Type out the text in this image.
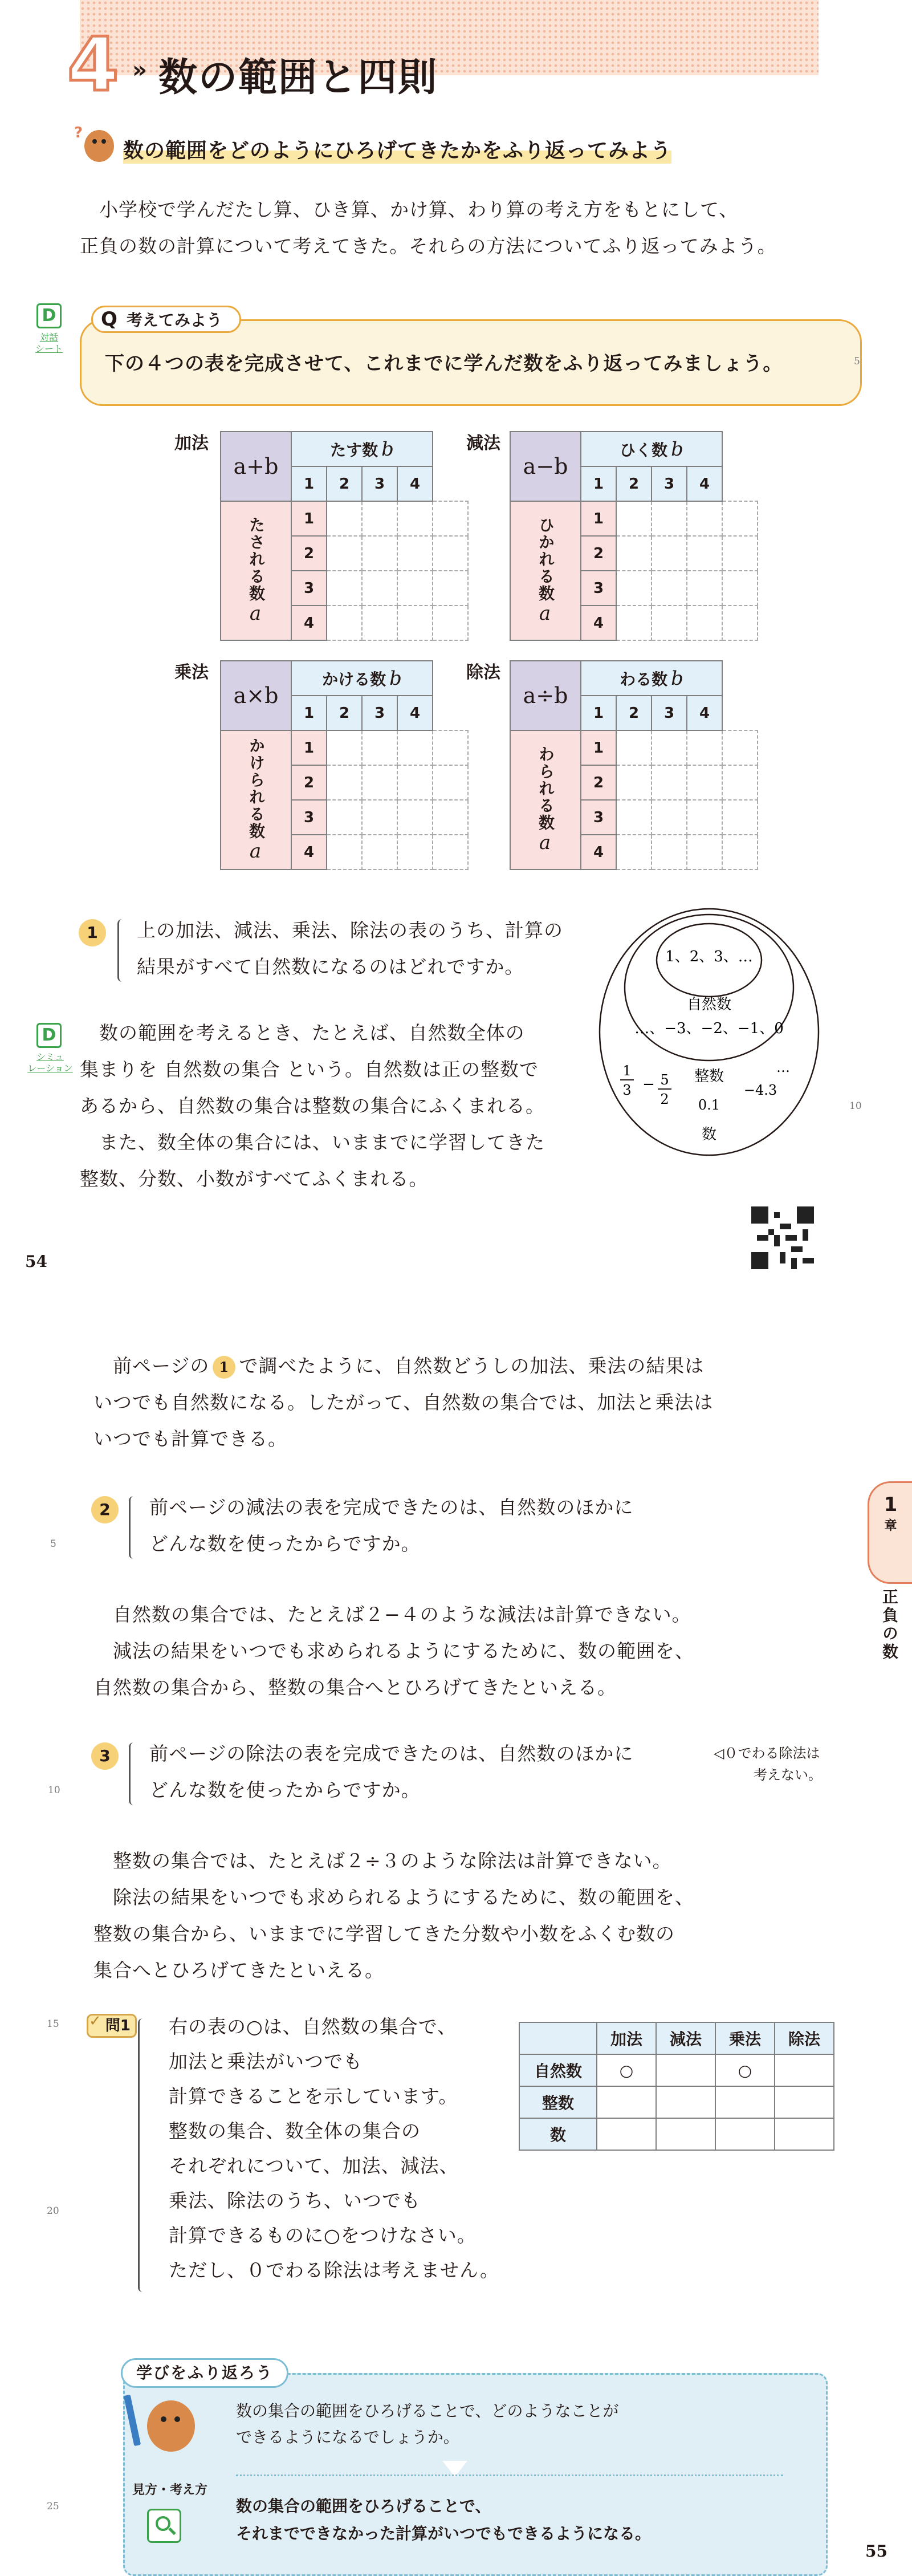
4 » 数の範囲と四則
?
数の範囲をどのようにひろげてきたかをふり返ってみよう
小学校で学んだたし算、ひき算、かけ算、わり算の考え方をもとにして、
正負の数の計算について考えてきた。それらの方法についてふり返ってみよう。
D
対話
シート
Q 考えてみよう
下の４つの表を完成させて、これまでに学んだ数をふり返ってみましょう。	5
加法	減法
乗法	除法
a+b	たす数 b				
	1	2	3	4	
たされる数a	1				
	2				
	3				
	4				
a−b	ひく数 b				
	1	2	3	4	
ひかれる数a	1				
	2				
	3				
	4				
a×b	かける数 b				
	1	2	3	4	
かけられる数a	1				
	2				
	3				
	4				
a÷b	わる数 b				
	1	2	3	4	
わられる数a	1				
	2				
	3				
	4				
1	上の加法、減法、乗法、除法の表のうち、計算の
結果がすべて自然数になるのはどれですか。
D
シミュ
レーション
数の範囲を考えるとき、たとえば、自然数全体の
集まりを 自然数の集合 という。自然数は正の整数で
あるから、自然数の集合は整数の集合にふくまれる。
また、数全体の集合には、いままでに学習してきた
整数、分数、小数がすべてふくまれる。
1、2、3、…
自然数
…、−3、−2、−1、0
整数
1
3 − 5
2 0.1
−4.3
…
数
10
54
前ページの 1 で調べたように、自然数どうしの加法、乗法の結果は
いつでも自然数になる。したがって、自然数の集合では、加法と乗法は
いつでも計算できる。
2	前ページの減法の表を完成できたのは、自然数のほかに
どんな数を使ったからですか。
5
自然数の集合では、たとえば２−４のような減法は計算できない。
減法の結果をいつでも求められるようにするために、数の範囲を、
自然数の集合から、整数の集合へとひろげてきたといえる。
3	前ページの除法の表を完成できたのは、自然数のほかに
どんな数を使ったからですか。
10
◁０でわる除法は
考えない。
整数の集合では、たとえば２÷３のような除法は計算できない。
除法の結果をいつでも求められるようにするために、数の範囲を、
整数の集合から、いままでに学習してきた分数や小数をふくむ数の
集合へとひろげてきたといえる。
1
章
正負の数
15	問1
✓	右の表の○は、自然数の集合で、
加法と乗法がいつでも
計算できることを示しています。
整数の集合、数全体の集合の
それぞれについて、加法、減法、
乗法、除法のうち、いつでも
計算できるものに○をつけなさい。
ただし、０でわる除法は考えません。
20
	加法	減法	乗法	除法
自然数	○		○	
整数				
数				
学びをふり返ろう
数の集合の範囲をひろげることで、どのようなことが
できるようになるでしょうか。
見方・考え方
数の集合の範囲をひろげることで、
それまでできなかった計算がいつでもできるようになる。
25
55
